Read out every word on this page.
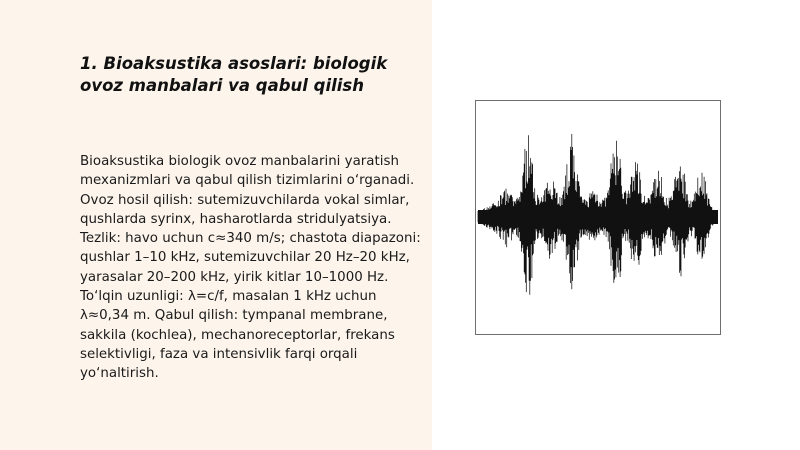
1. Bioaksustika asoslari: biologik ovoz manbalari va qabul qilish

Bioaksustika biologik ovoz manbalarini yaratish mexanizmlari va qabul qilish tizimlarini o‘rganadi. Ovoz hosil qilish: sutemizuvchilarda vokal simlar, qushlarda syrinx, hasharotlarda stridulyatsiya. Tezlik: havo uchun c≈340 m/s; chastota diapazoni: qushlar 1–10 kHz, sutemizuvchilar 20 Hz–20 kHz, yarasalar 20–200 kHz, yirik kitlar 10–1000 Hz. To‘lqin uzunligi: λ=c/f, masalan 1 kHz uchun λ≈0,34 m. Qabul qilish: tympanal membrane, sakkila (kochlea), mechanoreceptorlar, frekans selektivligi, faza va intensivlik farqi orqali yo‘naltirish.
